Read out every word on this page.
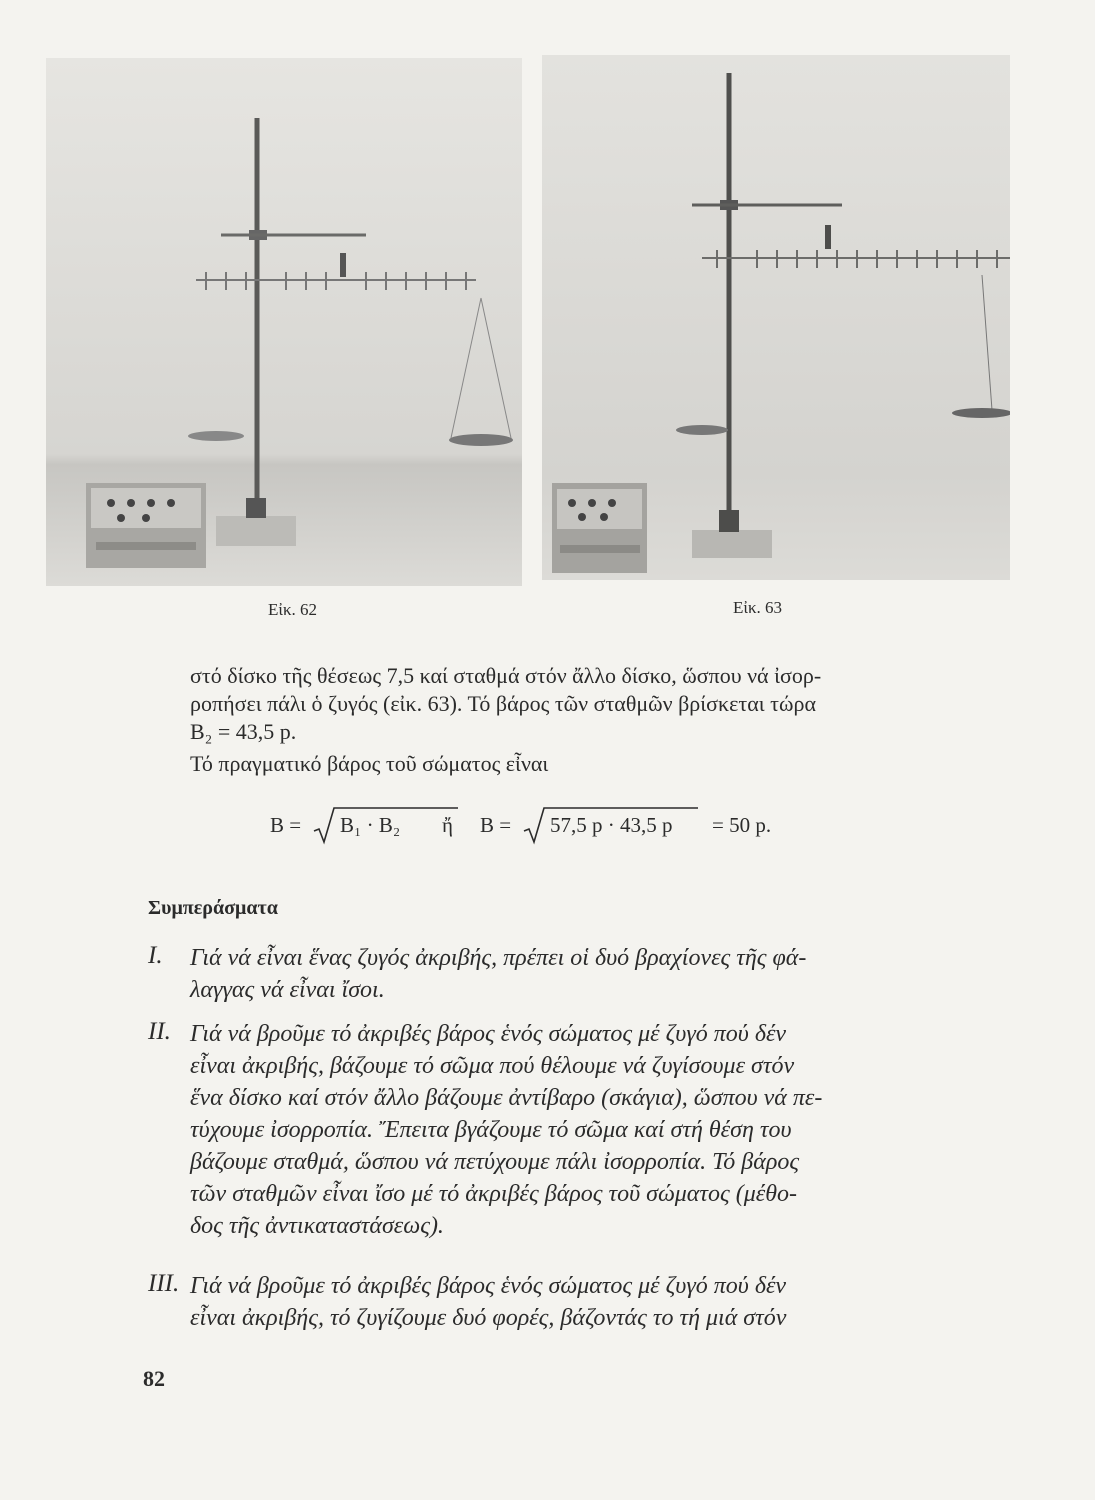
Εἰκ. 62	Εἰκ. 63
στό δίσκο τῆς θέσεως 7,5 καί σταθμά στόν ἄλλο δίσκο, ὥσπου νά ἰσορ-
ροπήσει πάλι ὁ ζυγός (εἰκ. 63). Τό βάρος τῶν σταθμῶν βρίσκεται τώρα
B₂ = 43,5 p.
Τό πραγματικό βάρος τοῦ σώματος εἶναι
B = B₁ · B₂ ἤ B = 57,5 p · 43,5 p = 50 p.
Συμπεράσματα
I. Γιά νά εἶναι ἕνας ζυγός ἀκριβής, πρέπει οἱ δυό βραχίονες τῆς φά-
λαγγας νά εἶναι ἴσοι.
II. Γιά νά βροῦμε τό ἀκριβές βάρος ἑνός σώματος μέ ζυγό πού δέν
εἶναι ἀκριβής, βάζουμε τό σῶμα πού θέλουμε νά ζυγίσουμε στόν
ἕνα δίσκο καί στόν ἄλλο βάζουμε ἀντίβαρο (σκάγια), ὥσπου νά πε-
τύχουμε ἰσορροπία. Ἔπειτα βγάζουμε τό σῶμα καί στή θέση του
βάζουμε σταθμά, ὥσπου νά πετύχουμε πάλι ἰσορροπία. Τό βάρος
τῶν σταθμῶν εἶναι ἴσο μέ τό ἀκριβές βάρος τοῦ σώματος (μέθο-
δος τῆς ἀντικαταστάσεως).
III. Γιά νά βροῦμε τό ἀκριβές βάρος ἑνός σώματος μέ ζυγό πού δέν
εἶναι ἀκριβής, τό ζυγίζουμε δυό φορές, βάζοντάς το τή μιά στόν
82
